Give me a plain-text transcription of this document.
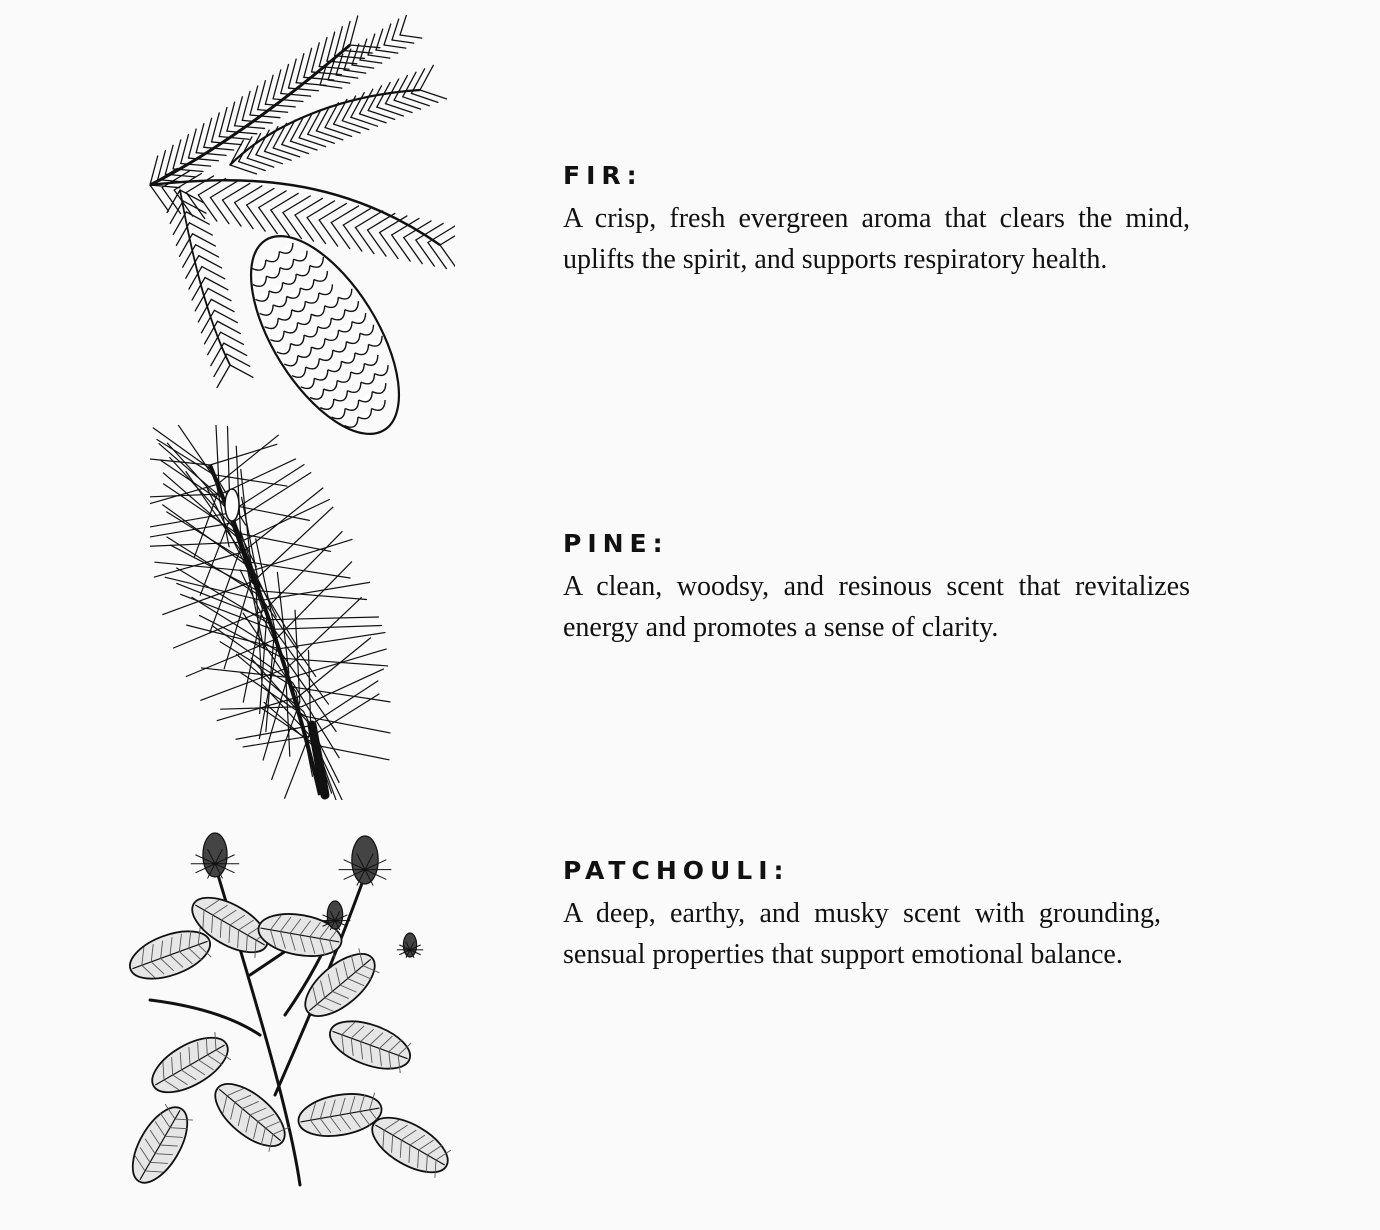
FIR:

A crisp, fresh evergreen aroma that clears the mind, uplifts the spirit, and supports respiratory health.

PINE:

A clean, woodsy, and resinous scent that revitalizes energy and promotes a sense of clarity.

PATCHOULI:

A deep, earthy, and musky scent with grounding, sensual properties that support emotional balance.
